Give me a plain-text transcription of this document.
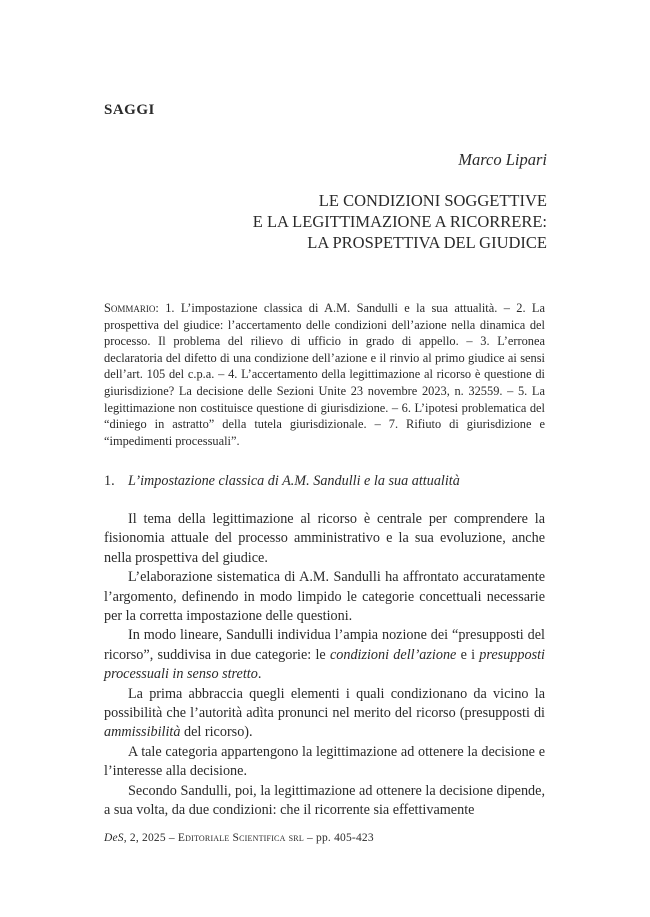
SAGGI
Marco Lipari
LE CONDIZIONI SOGGETTIVE
E LA LEGITTIMAZIONE A RICORRERE:
LA PROSPETTIVA DEL GIUDICE
Sommario: 1. L’impostazione classica di A.M. Sandulli e la sua attualità. – 2. La prospettiva del giudice: l’accertamento delle condizioni dell’azione nella dinamica del processo. Il problema del rilievo di ufficio in grado di appello. – 3. L’erronea declaratoria del difetto di una condizione dell’azione e il rinvio al primo giudice ai sensi dell’art. 105 del c.p.a. – 4. L’accertamento della legittimazione al ricorso è questione di giurisdizione? La decisione delle Sezioni Unite 23 novembre 2023, n. 32559. – 5. La legittimazione non costituisce questione di giurisdizione. – 6. L’ipotesi problematica del “diniego in astratto” della tutela giurisdizionale. – 7. Rifiuto di giurisdizione e “impedimenti processuali”.
1. L’impostazione classica di A.M. Sandulli e la sua attualità

Il tema della legittimazione al ricorso è centrale per comprendere la fisionomia attuale del processo amministrativo e la sua evoluzione, anche nella prospettiva del giudice.

L’elaborazione sistematica di A.M. Sandulli ha affrontato accuratamente l’argomento, definendo in modo limpido le categorie concettuali necessarie per la corretta impostazione delle questioni.

In modo lineare, Sandulli individua l’ampia nozione dei “presupposti del ricorso”, suddivisa in due categorie: le condizioni dell’azione e i presupposti processuali in senso stretto.

La prima abbraccia quegli elementi i quali condizionano da vicino la possibilità che l’autorità adìta pronunci nel merito del ricorso (presupposti di ammissibilità del ricorso).

A tale categoria appartengono la legittimazione ad ottenere la decisione e l’interesse alla decisione.

Secondo Sandulli, poi, la legittimazione ad ottenere la decisione dipende, a sua volta, da due condizioni: che il ricorrente sia effettivamente

DeS, 2, 2025 – Editoriale Scientifica srl – pp. 405-423
